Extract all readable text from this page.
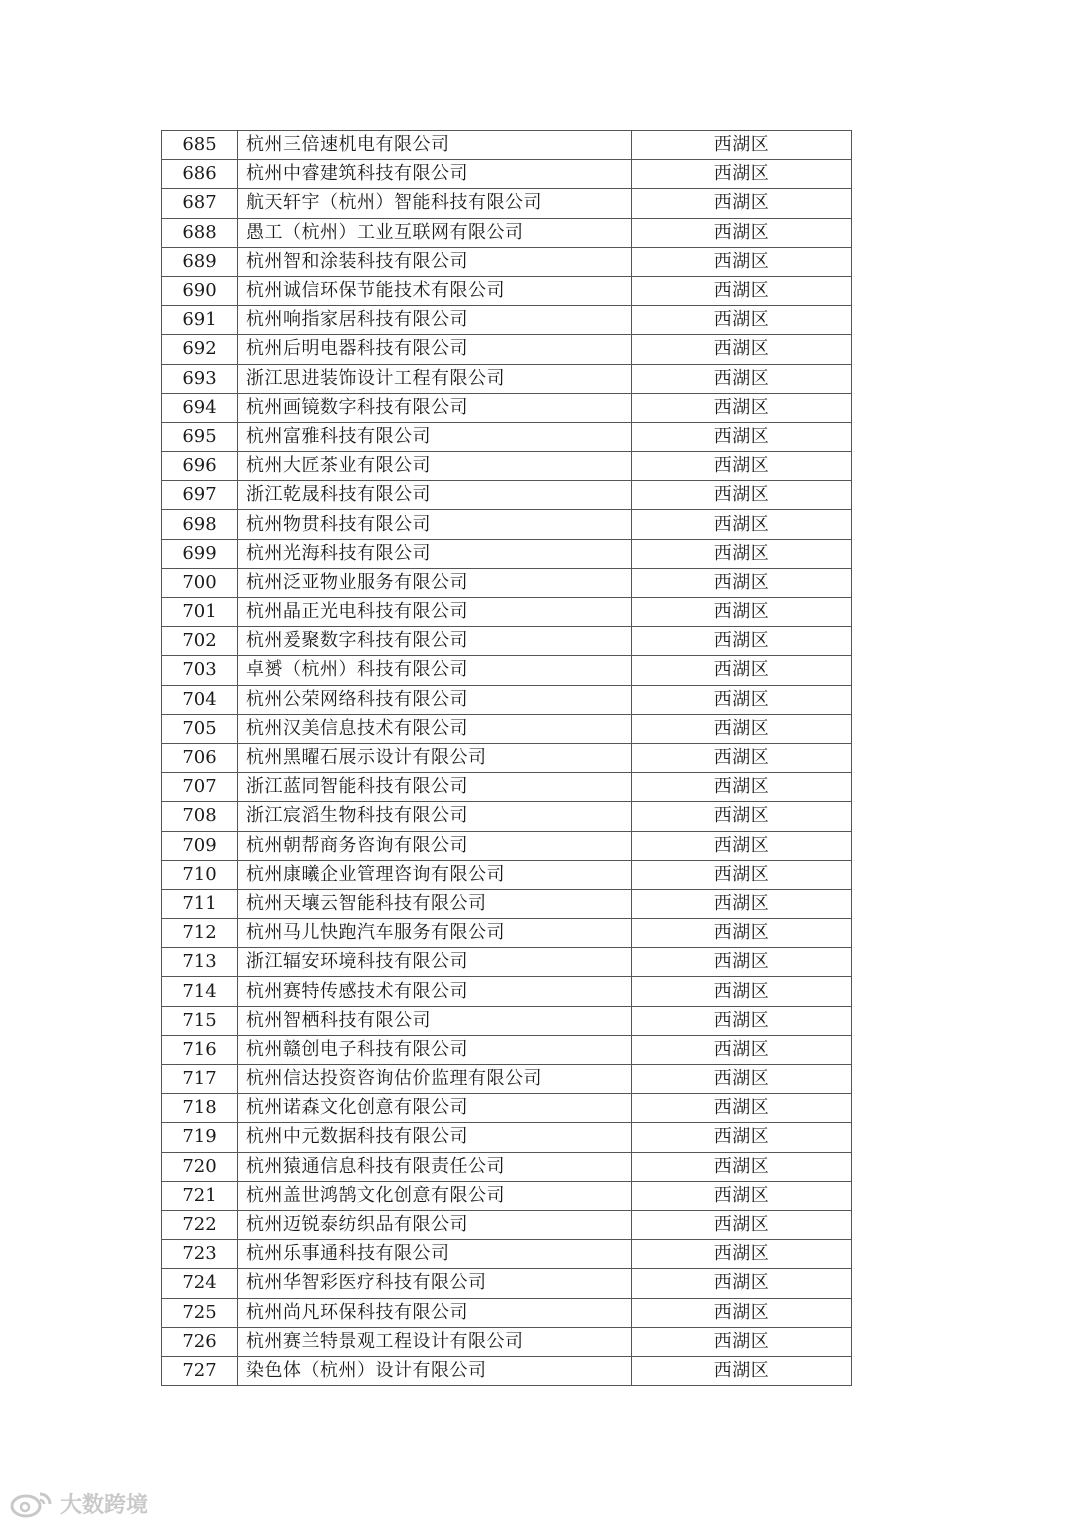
685	杭州三倍速机电有限公司	西湖区
686	杭州中睿建筑科技有限公司	西湖区
687	航天轩宇（杭州）智能科技有限公司	西湖区
688	愚工（杭州）工业互联网有限公司	西湖区
689	杭州智和涂装科技有限公司	西湖区
690	杭州诚信环保节能技术有限公司	西湖区
691	杭州响指家居科技有限公司	西湖区
692	杭州后明电器科技有限公司	西湖区
693	浙江思进装饰设计工程有限公司	西湖区
694	杭州画镜数字科技有限公司	西湖区
695	杭州富雅科技有限公司	西湖区
696	杭州大匠茶业有限公司	西湖区
697	浙江乾晟科技有限公司	西湖区
698	杭州物贯科技有限公司	西湖区
699	杭州光海科技有限公司	西湖区
700	杭州泛亚物业服务有限公司	西湖区
701	杭州晶正光电科技有限公司	西湖区
702	杭州爰聚数字科技有限公司	西湖区
703	卓赟（杭州）科技有限公司	西湖区
704	杭州公荣网络科技有限公司	西湖区
705	杭州汉美信息技术有限公司	西湖区
706	杭州黑曜石展示设计有限公司	西湖区
707	浙江蓝同智能科技有限公司	西湖区
708	浙江宸滔生物科技有限公司	西湖区
709	杭州朝帮商务咨询有限公司	西湖区
710	杭州康曦企业管理咨询有限公司	西湖区
711	杭州天壤云智能科技有限公司	西湖区
712	杭州马儿快跑汽车服务有限公司	西湖区
713	浙江辐安环境科技有限公司	西湖区
714	杭州赛特传感技术有限公司	西湖区
715	杭州智栖科技有限公司	西湖区
716	杭州赣创电子科技有限公司	西湖区
717	杭州信达投资咨询估价监理有限公司	西湖区
718	杭州诺森文化创意有限公司	西湖区
719	杭州中元数据科技有限公司	西湖区
720	杭州猿通信息科技有限责任公司	西湖区
721	杭州盖世鸿鹄文化创意有限公司	西湖区
722	杭州迈锐泰纺织品有限公司	西湖区
723	杭州乐事通科技有限公司	西湖区
724	杭州华智彩医疗科技有限公司	西湖区
725	杭州尚凡环保科技有限公司	西湖区
726	杭州赛兰特景观工程设计有限公司	西湖区
727	染色体（杭州）设计有限公司	西湖区
大数跨境
